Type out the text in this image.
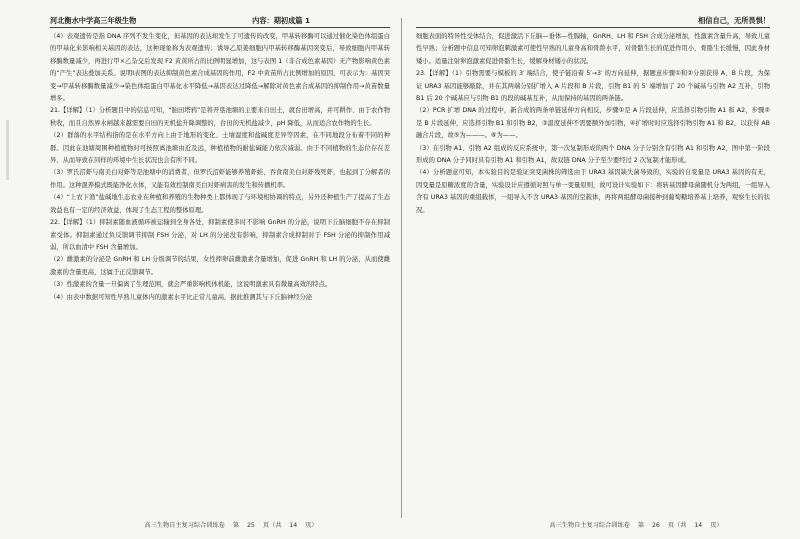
河北衡水中学高三年级生物	内容：期初成篇 1

（4）表观遗传是指 DNA 序列不发生变化，但基因的表达却发生了可遗传的改变，甲基转移酶可以通过催化染色体组蛋白的甲基化来影响相关基因的表达，这种现象称为表观遗传；诱导乙原姜细胞内甲基转移酶基因突变后，导致细胞内甲基转移酶数量减少，再进行甲×乙杂交后发现 F2 黄黄所占的比例明显增加，这与表图 1（非合成色素基因）无产物影响黄色素的“产生”表达叠加关系。说明Ⅰ表图的表达抑制黄色素合成基因的作用，F2 中黄苗所占比例增加的原因，可表示为：基因突变→甲基转移酶数量减少→染色体组蛋白甲基化水平降低→基因表达过降低→解除对黄色素合成基因的抑制作用→黄苗数量增多。

21.【详解】（1）分析题目中的信息可知，“胎田塔鸦”是将开垦池塘的主要来自田土，就台田增高，并可耕作、由于农作物秋收，而且自然界水闸越来越需要自田的无机盐升降调整的，台田的无机盐减少，pH 降低，从而适合农作物的生长。

（2）群落的水平结构指的是在水平方向上由于地形的变化、土壤湿度和盐碱度差异等因素，在不同地段分布着不同的种群。因此在池塘周围种植植物时可按照离池塘由近及远，种植植物的耐盐碱能力依次减弱。由于不同植物的生态位存在差异，从而导致在同样的环境中生长状况也会有所不同。

（3）罗氏沼虾与南美白对虾等是池塘中的消费者，但罗氏沼虾能够养殖虾蛙、吞食南美白对虾残死虾，也起到了分解者的作用。这种混养模式既能净化水体，又能有效控制南美白对虾病害的发生和传播机率。

（4）“上农下渔”盐碱地生态农业在种植和养殖的生物种类上都体现了与环境相协调的特点，另外还种植生产了提高了生态效益也有一定的经济效益，体现了生态工程的整体原理。

22.【详解】（1）抑制素随血液循环被运输到全身各处，抑制素使多时不影响 GnRH 的分泌，说明下丘脑细胞不存在抑制素受体。抑制素通过负反馈调节抑制 FSH 分泌，对 LH 的分泌没有影响，抑制素合成抑制对于 FSH 分泌的抑制作用减弱，所以血清中 FSH 含量增加。

（2）雌激素的分泌是 GnRH 和 LH 分级调节的结果，女性摔卵前雌激素含量增加，促进 GnRH 和 LH 的分泌，从而使雌激素的含量更高，这属于正反馈调节。

（3）性激素的含量一旦偏离了生理范围，就会严重影响机体机能，这说明激素具有微量高效的特点。

（4）由表中数据可知性早熟儿童体内的激素水平比正常儿童高，据此推测其与下丘脑神经分泌

高三生物自主复习综合训练卷 第 25 页（共 14 页）
相信自己，无所畏惧！

细胞表面的特异性受体结合，促进激活下丘脑—垂体—性腺轴，GnRH、LH 和 FSH 合成分泌增加，性激素含量升高，导致儿童性早熟；分析题中信息可知卵泡刺激素可使性早熟的儿童身高和骨龄水平，对骨骼生长的促进作用小，骨骼生长缓慢，因此身材矮小。适量注射卵泡激素促进骨骼生长，缓解身材矮小的状况。

23.【详解】（1）引物需要与模板的 3′ 端结合，使子链沿着 5′→3′ 的方向延伸，据题意步骤①和②分别获得 A、B 片段，为保证 URA3 基因能够敲除，并在其两端分别扩增入 A 片段和 B 片段，引物 B1 的 5′ 端增加了 20 个碱基与引物 A2 互补，引物 B1 后 20 个碱基应与引物 B1 的段的碱基互补，从而保持的基因的两条链。

（2）PCR 扩增 DNA 的过程中，新合成的两条单链延伸方向相反，步骤①是 A 片段延伸，应选择引物引物 A1 和 A2，步骤②是 B 片段延伸，应选择引物 B1 和引物 B2，③温度延伸不需要额外加引物，④扩增时时应选择引物引物 A1 和 B2，以获得 AB 融合片段，故⑤为———。⑥为——。

（3）在引物 A1、引物 A2 组成的反应系统中，第一次复制形成的两个 DNA 分子分别含有引物 A1 和引物 A2，图中第一阶段形成的 DNA 分子同时具有引物 A1 和引物 A1，故双链 DNA 分子至少要经过 2 次复制才能形成。

（4）分析题意可知，本实验目的是验证突变菌株的筛选由于 URA3 基因缺失菌导致的，实验的自变量是 URA3 基因的有无，因变量是原糖浓度的含量，实验设计应遵循对照与单一变量原则，故可设计实验如下：将转基因酵母菌随机分为两组，一组导入含有 URA3 基因的重组载体，一组导入不含 URA3 基因的空载体，再将两组酵母菌接种到葡萄糖培养基上培养，观察生长的状况。

高三生物自主复习综合训练卷 第 26 页（共 14 页）
